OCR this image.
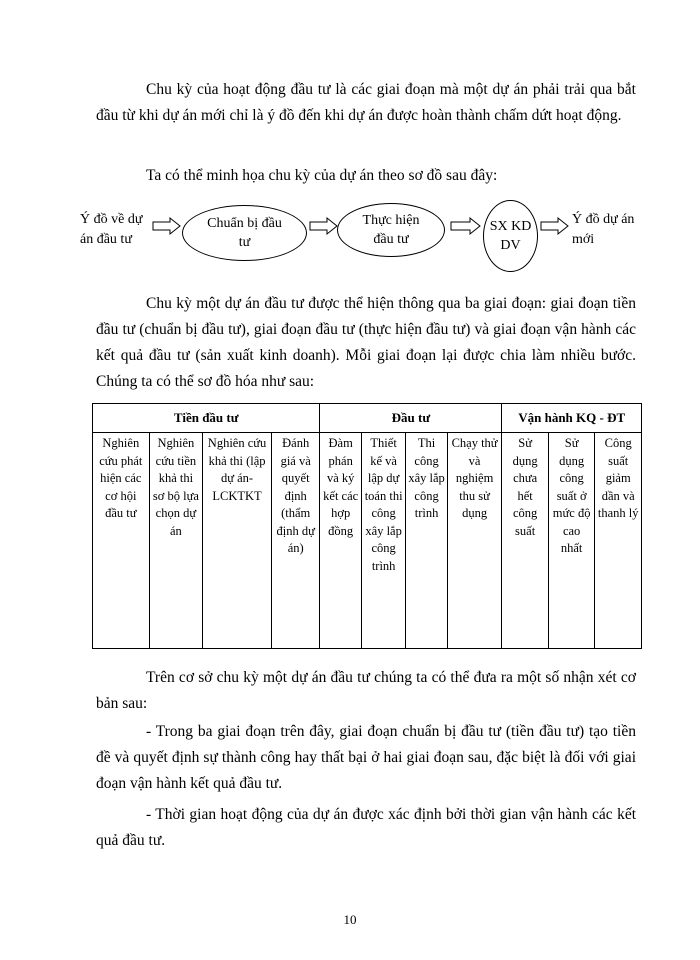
Chu kỳ của hoạt động đầu tư là các giai đoạn mà một dự án phải trải qua bắt đầu từ khi dự án mới chỉ là ý đồ đến khi dự án được hoàn thành chấm dứt hoạt động.

Ta có thể minh họa chu kỳ của dự án theo sơ đồ sau đây:
Ý đồ về dự
án đầu tư
Chuẩn bị đầu
tư
Thực hiện
đầu tư
SX KD
DV
Ý đồ dự án
mới

Chu kỳ một dự án đầu tư được thể hiện thông qua ba giai đoạn: giai đoạn tiền đầu tư (chuẩn bị đầu tư), giai đoạn đầu tư (thực hiện đầu tư) và giai đoạn vận hành các kết quả đầu tư (sản xuất kinh doanh). Mỗi giai đoạn lại được chia làm nhiều bước. Chúng ta có thể sơ đồ hóa như sau:

Tiền đầu tư				Đầu tư				Vận hành KQ - ĐT		
Nghiên cứu phát hiện các cơ hội đầu tư	Nghiên cứu tiền khả thi sơ bộ lựa chọn dự án	Nghiên cứu khả thi (lập dự án- LCKTKT	Đánh giá và quyết định (thẩm định dự án)	Đàm phán và ký kết các hợp đồng	Thiết kế và lập dự toán thi công xây lắp công trình	Thi công xây lắp công trình	Chạy thử và nghiệm thu sử dụng	Sử dụng chưa hết công suất	Sử dụng công suất ở mức độ cao nhất	Công suất giảm dần và thanh lý

Trên cơ sở chu kỳ một dự án đầu tư chúng ta có thể đưa ra một số nhận xét cơ bản sau:

- Trong ba giai đoạn trên đây, giai đoạn chuẩn bị đầu tư (tiền đầu tư) tạo tiền đề và quyết định sự thành công hay thất bại ở hai giai đoạn sau, đặc biệt là đối với giai đoạn vận hành kết quả đầu tư.

- Thời gian hoạt động của dự án được xác định bởi thời gian vận hành các kết quả đầu tư.

10
